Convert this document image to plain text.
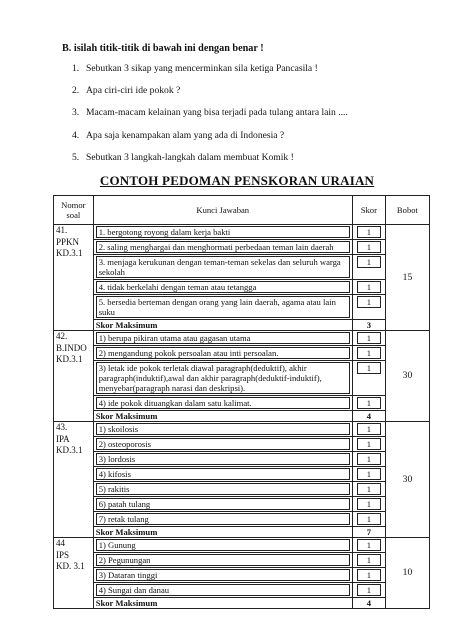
B. isilah titik-titik di bawah ini dengan benar !
1. Sebutkan 3 sikap yang mencerminkan sila ketiga Pancasila !
2. Apa ciri-ciri ide pokok ?
3. Macam-macam kelainan yang bisa terjadi pada tulang antara lain ....
4. Apa saja kenampakan alam yang ada di Indonesia ?
5. Sebutkan 3 langkah-langkah dalam membuat Komik !
CONTOH PEDOMAN PENSKORAN URAIAN
Nomor soal	Kunci Jawaban	Skor	Bobot

41.
PPKN
KD.3.1	1. bergotong royong dalam kerja bakti	1	15

	2. saling menghargai dan menghormati perbedaan teman lain daerah	1	

	3. menjaga kerukunan dengan teman-teman sekelas dan seluruh warga sekolah	1	

	4. tidak berkelahi dengan teman atau tetangga	1	

	5. bersedia berteman dengan orang yang lain daerah, agama atau lain suku	1	

	Skor Maksimum	3	

42.
B.INDO
KD.3.1	1) berupa pikiran utama atau gagasan utama	1	30

	2) mengandung pokok persoalan atau inti persoalan.	1	

	3) letak ide pokok terletak diawal paragraph(deduktif), akhir paragraph(induktif),awal dan akhir paragraph(deduktif-induktif), menyebar(paragraph narasi dan deskripsi).	1	

	4) ide pokok dituangkan dalam satu kalimat.	1	

	Skor Maksimum	4	

43.
IPA
KD.3.1	1) skoilosis	1	30

	2) osteoporosis	1	

	3) lordosis	1	

	4) kifosis	1	

	5) rakitis	1	

	6) patah tulang	1	

	7) retak tulang	1	

	Skor Maksimum	7	

44
IPS
KD. 3.1	1) Gunung	1	10

	2) Pegunungan	1	

	3) Dataran tinggi	1	

	4) Sungai dan danau	1	

	Skor Maksimum	4	
